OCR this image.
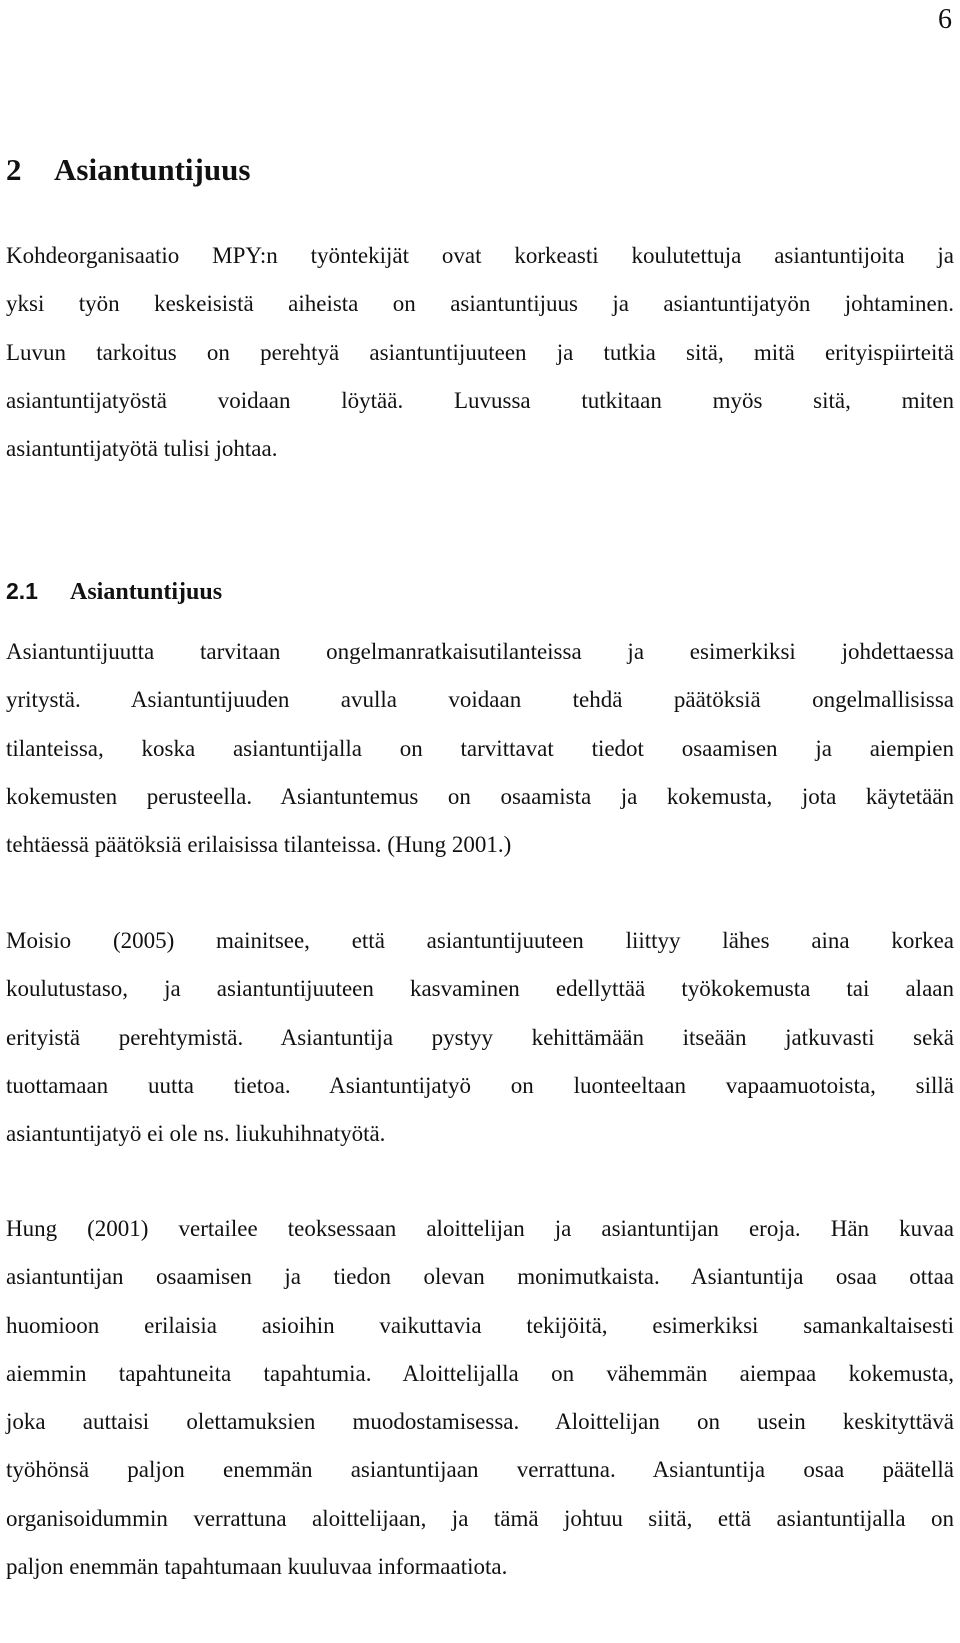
6
2 Asiantuntijuus

Kohdeorganisaatio MPY:n työntekijät ovat korkeasti koulutettuja asiantuntijoita ja
yksi työn keskeisistä aiheista on asiantuntijuus ja asiantuntijatyön johtaminen.
Luvun tarkoitus on perehtyä asiantuntijuuteen ja tutkia sitä, mitä erityispiirteitä
asiantuntijatyöstä voidaan löytää. Luvussa tutkitaan myös sitä, miten
asiantuntijatyötä tulisi johtaa.

2.1 Asiantuntijuus

Asiantuntijuutta tarvitaan ongelmanratkaisutilanteissa ja esimerkiksi johdettaessa
yritystä. Asiantuntijuuden avulla voidaan tehdä päätöksiä ongelmallisissa
tilanteissa, koska asiantuntijalla on tarvittavat tiedot osaamisen ja aiempien
kokemusten perusteella. Asiantuntemus on osaamista ja kokemusta, jota käytetään
tehtäessä päätöksiä erilaisissa tilanteissa. (Hung 2001.)

Moisio (2005) mainitsee, että asiantuntijuuteen liittyy lähes aina korkea
koulutustaso, ja asiantuntijuuteen kasvaminen edellyttää työkokemusta tai alaan
erityistä perehtymistä. Asiantuntija pystyy kehittämään itseään jatkuvasti sekä
tuottamaan uutta tietoa. Asiantuntijatyö on luonteeltaan vapaamuotoista, sillä
asiantuntijatyö ei ole ns. liukuhihnatyötä.

Hung (2001) vertailee teoksessaan aloittelijan ja asiantuntijan eroja. Hän kuvaa
asiantuntijan osaamisen ja tiedon olevan monimutkaista. Asiantuntija osaa ottaa
huomioon erilaisia asioihin vaikuttavia tekijöitä, esimerkiksi samankaltaisesti
aiemmin tapahtuneita tapahtumia. Aloittelijalla on vähemmän aiempaa kokemusta,
joka auttaisi olettamuksien muodostamisessa. Aloittelijan on usein keskityttävä
työhönsä paljon enemmän asiantuntijaan verrattuna. Asiantuntija osaa päätellä
organisoidummin verrattuna aloittelijaan, ja tämä johtuu siitä, että asiantuntijalla on
paljon enemmän tapahtumaan kuuluvaa informaatiota.
